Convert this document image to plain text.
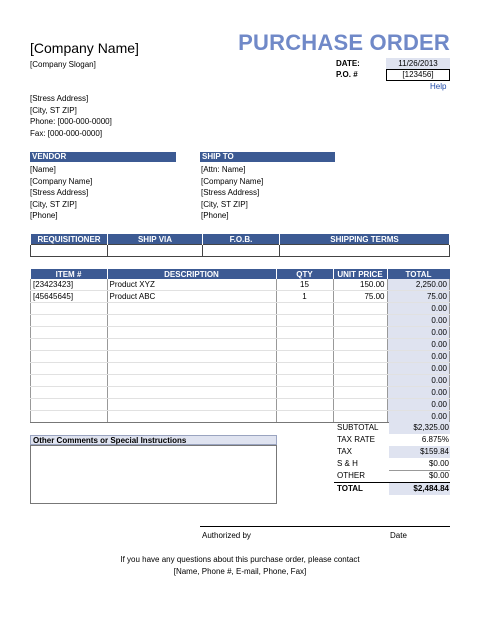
[Company Name]
[Company Slogan]
PURCHASE ORDER
DATE:	11/26/2013
P.O. #	[123456]
Help
[Stress Address]
[City, ST ZIP]
Phone: [000-000-0000]
Fax: [000-000-0000]
VENDOR
[Name]
[Company Name]
[Stress Address]
[City, ST ZIP]
[Phone]
SHIP TO
[Attn: Name]
[Company Name]
[Stress Address]
[City, ST ZIP]
[Phone]
REQUISITIONER	SHIP VIA	F.O.B.	SHIPPING TERMS

ITEM #	DESCRIPTION	QTY	UNIT PRICE	TOTAL
[23423423]	Product XYZ	15	150.00	2,250.00
[45645645]	Product ABC	1	75.00	75.00
				0.00
				0.00
				0.00
				0.00
				0.00
				0.00
				0.00
				0.00
				0.00
				0.00
SUBTOTAL	$2,325.00
TAX RATE	6.875%
TAX	$159.84
S & H	$0.00
OTHER	$0.00
TOTAL	$2,484.84
Other Comments or Special Instructions
Authorized by	Date
If you have any questions about this purchase order, please contact
[Name, Phone #, E-mail, Phone, Fax]
